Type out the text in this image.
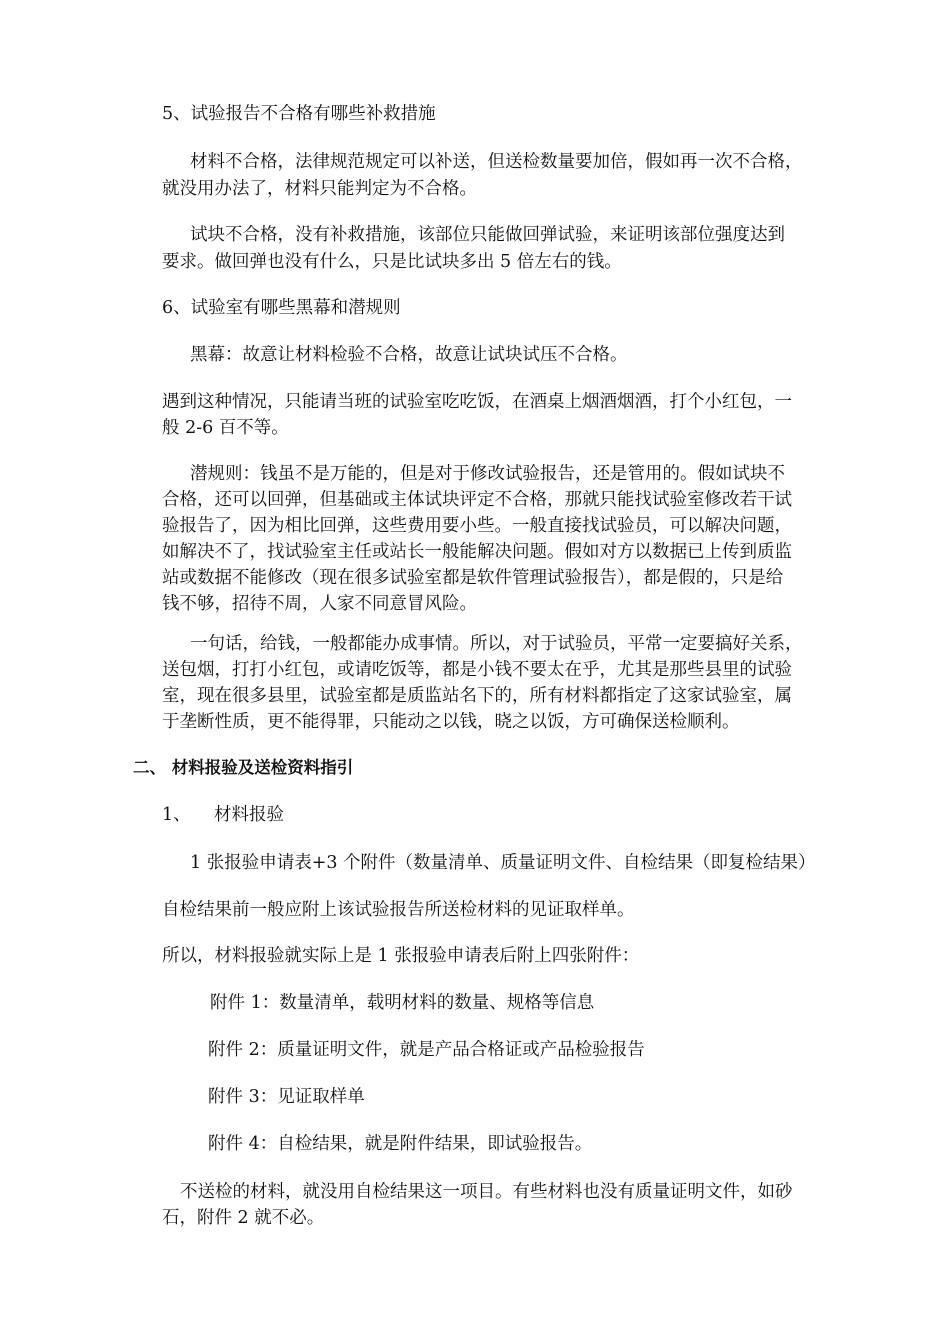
5、试验报告不合格有哪些补救措施
材料不合格，法律规范规定可以补送，但送检数量要加倍，假如再一次不合格，
就没用办法了，材料只能判定为不合格。
试块不合格，没有补救措施，该部位只能做回弹试验，来证明该部位强度达到
要求。做回弹也没有什么，只是比试块多出 5 倍左右的钱。
6、试验室有哪些黑幕和潜规则
黑幕：故意让材料检验不合格，故意让试块试压不合格。
遇到这种情况，只能请当班的试验室吃吃饭，在酒桌上烟酒烟酒，打个小红包，一
般 2-6 百不等。
潜规则：钱虽不是万能的，但是对于修改试验报告，还是管用的。假如试块不
合格，还可以回弹，但基础或主体试块评定不合格，那就只能找试验室修改若干试
验报告了，因为相比回弹，这些费用要小些。一般直接找试验员，可以解决问题，
如解决不了，找试验室主任或站长一般能解决问题。假如对方以数据已上传到质监
站或数据不能修改（现在很多试验室都是软件管理试验报告），都是假的，只是给
钱不够，招待不周，人家不同意冒风险。
一句话，给钱，一般都能办成事情。所以，对于试验员，平常一定要搞好关系，
送包烟，打打小红包，或请吃饭等，都是小钱不要太在乎，尤其是那些县里的试验
室，现在很多县里，试验室都是质监站名下的，所有材料都指定了这家试验室，属
于垄断性质，更不能得罪，只能动之以钱，晓之以饭，方可确保送检顺利。
二、 材料报验及送检资料指引
1、 材料报验
1 张报验申请表+3 个附件（数量清单、质量证明文件、自检结果（即复检结果）
自检结果前一般应附上该试验报告所送检材料的见证取样单。
所以，材料报验就实际上是 1 张报验申请表后附上四张附件：
附件 1：数量清单，载明材料的数量、规格等信息
附件 2：质量证明文件，就是产品合格证或产品检验报告
附件 3：见证取样单
附件 4：自检结果，就是附件结果，即试验报告。
不送检的材料，就没用自检结果这一项目。有些材料也没有质量证明文件，如砂
石，附件 2 就不必。
